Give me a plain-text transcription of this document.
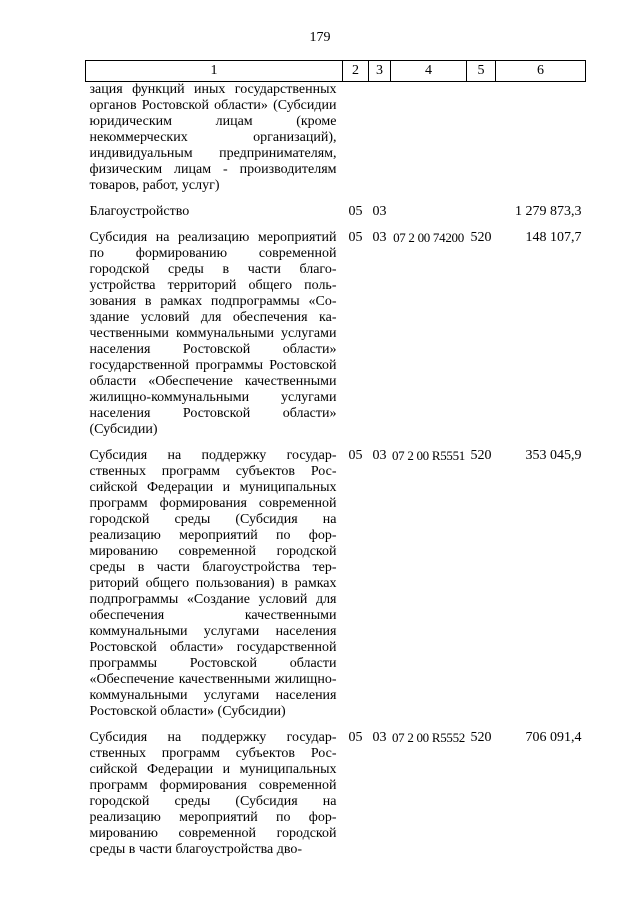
179
1	2	3	4	5	6
зация функций иных государственных органов Ростовской области» (Субсидии юридическим лицам (кроме некоммерческих организаций), индивидуальным предпринимателям, физическим лицам - производителям товаров, работ, услуг)					
Благоустройство	05	03			1 279 873,3
Субсидия на реализацию мероприятий по формированию современной городской среды в части благоустройства территорий общего пользования в рамках подпрограммы «Создание условий для обеспечения качественными коммунальными услугами населения Ростовской области» государственной программы Ростовской области «Обеспечение качественными жилищно-коммунальными услугами населения Ростовской области» (Субсидии)	05	03	07 2 00 74200	520	148 107,7
Субсидия на поддержку государственных программ субъектов Российской Федерации и муниципальных программ формирования современной городской среды (Субсидия на реализацию мероприятий по формированию современной городской среды в части благоустройства территорий общего пользования) в рамках подпрограммы «Создание условий для обеспечения качественными коммунальными услугами населения Ростовской области» государственной программы Ростовской области «Обеспечение качественными жилищно-коммунальными услугами населения Ростовской области» (Субсидии)	05	03	07 2 00 R5551	520	353 045,9
Субсидия на поддержку государственных программ субъектов Российской Федерации и муниципальных программ формирования современной городской среды (Субсидия на реализацию мероприятий по формированию современной городской среды в части благоустройства дво-	05	03	07 2 00 R5552	520	706 091,4
